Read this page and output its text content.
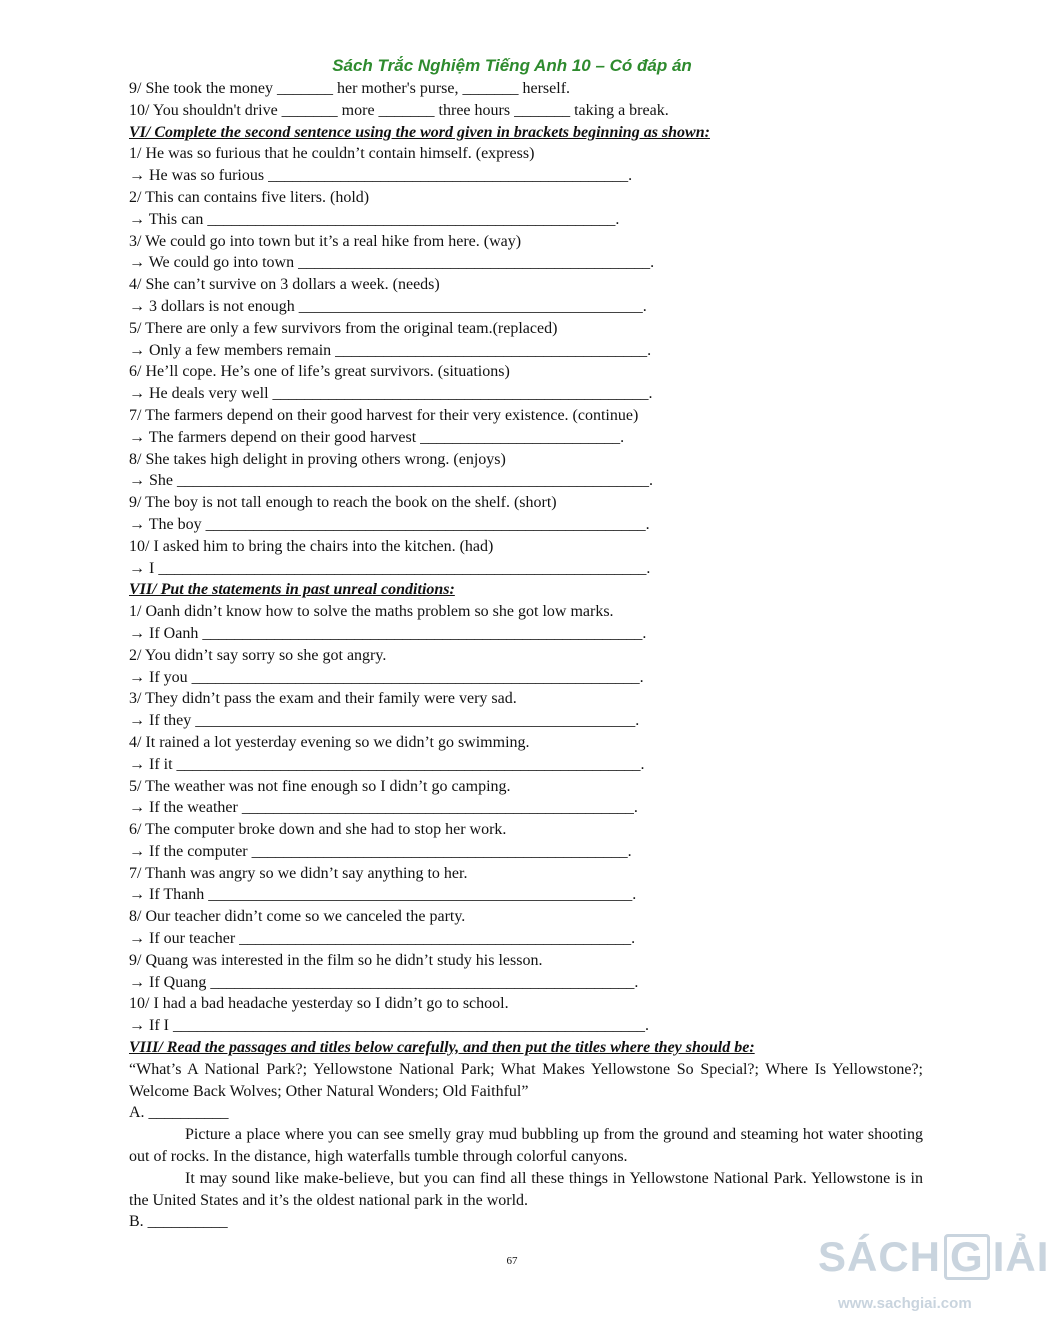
Sách Trắc Nghiệm Tiếng Anh 10 – Có đáp án
9/ She took the money _______ her mother's purse, _______ herself.
10/ You shouldn't drive _______ more _______ three hours _______ taking a break.
VI/ Complete the second sentence using the word given in brackets beginning as shown:
1/ He was so furious that he couldn’t contain himself. (express)
→ He was so furious _____________________________________________.
2/ This can contains five liters. (hold)
→ This can ___________________________________________________.
3/ We could go into town but it’s a real hike from here. (way)
→ We could go into town ____________________________________________.
4/ She can’t survive on 3 dollars a week. (needs)
→ 3 dollars is not enough ___________________________________________.
5/ There are only a few survivors from the original team.(replaced)
→ Only a few members remain _______________________________________.
6/ He’ll cope. He’s one of life’s great survivors. (situations)
→ He deals very well _______________________________________________.
7/ The farmers depend on their good harvest for their very existence. (continue)
→ The farmers depend on their good harvest _________________________.
8/ She takes high delight in proving others wrong. (enjoys)
→ She ___________________________________________________________.
9/ The boy is not tall enough to reach the book on the shelf. (short)
→ The boy _______________________________________________________.
10/ I asked him to bring the chairs into the kitchen. (had)
→ I _____________________________________________________________.
VII/ Put the statements in past unreal conditions:
1/ Oanh didn’t know how to solve the maths problem so she got low marks.
→ If Oanh _______________________________________________________.
2/ You didn’t say sorry so she got angry.
→ If you ________________________________________________________.
3/ They didn’t pass the exam and their family were very sad.
→ If they _______________________________________________________.
4/ It rained a lot yesterday evening so we didn’t go swimming.
→ If it __________________________________________________________.
5/ The weather was not fine enough so I didn’t go camping.
→ If the weather _________________________________________________.
6/ The computer broke down and she had to stop her work.
→ If the computer _______________________________________________.
7/ Thanh was angry so we didn’t say anything to her.
→ If Thanh _____________________________________________________.
8/ Our teacher didn’t come so we canceled the party.
→ If our teacher _________________________________________________.
9/ Quang was interested in the film so he didn’t study his lesson.
→ If Quang _____________________________________________________.
10/ I had a bad headache yesterday so I didn’t go to school.
→ If I ___________________________________________________________.
VIII/ Read the passages and titles below carefully, and then put the titles where they should be:
“What’s A National Park?; Yellowstone National Park; What Makes Yellowstone So Special?; Where Is Yellowstone?; Welcome Back Wolves; Other Natural Wonders; Old Faithful”
A. __________
Picture a place where you can see smelly gray mud bubbling up from the ground and steaming hot water shooting out of rocks. In the distance, high waterfalls tumble through colorful canyons.
It may sound like make-believe, but you can find all these things in Yellowstone National Park. Yellowstone is in the United States and it’s the oldest national park in the world.
B. __________
67	SÁCH G IẢI
www.sachgiai.com
